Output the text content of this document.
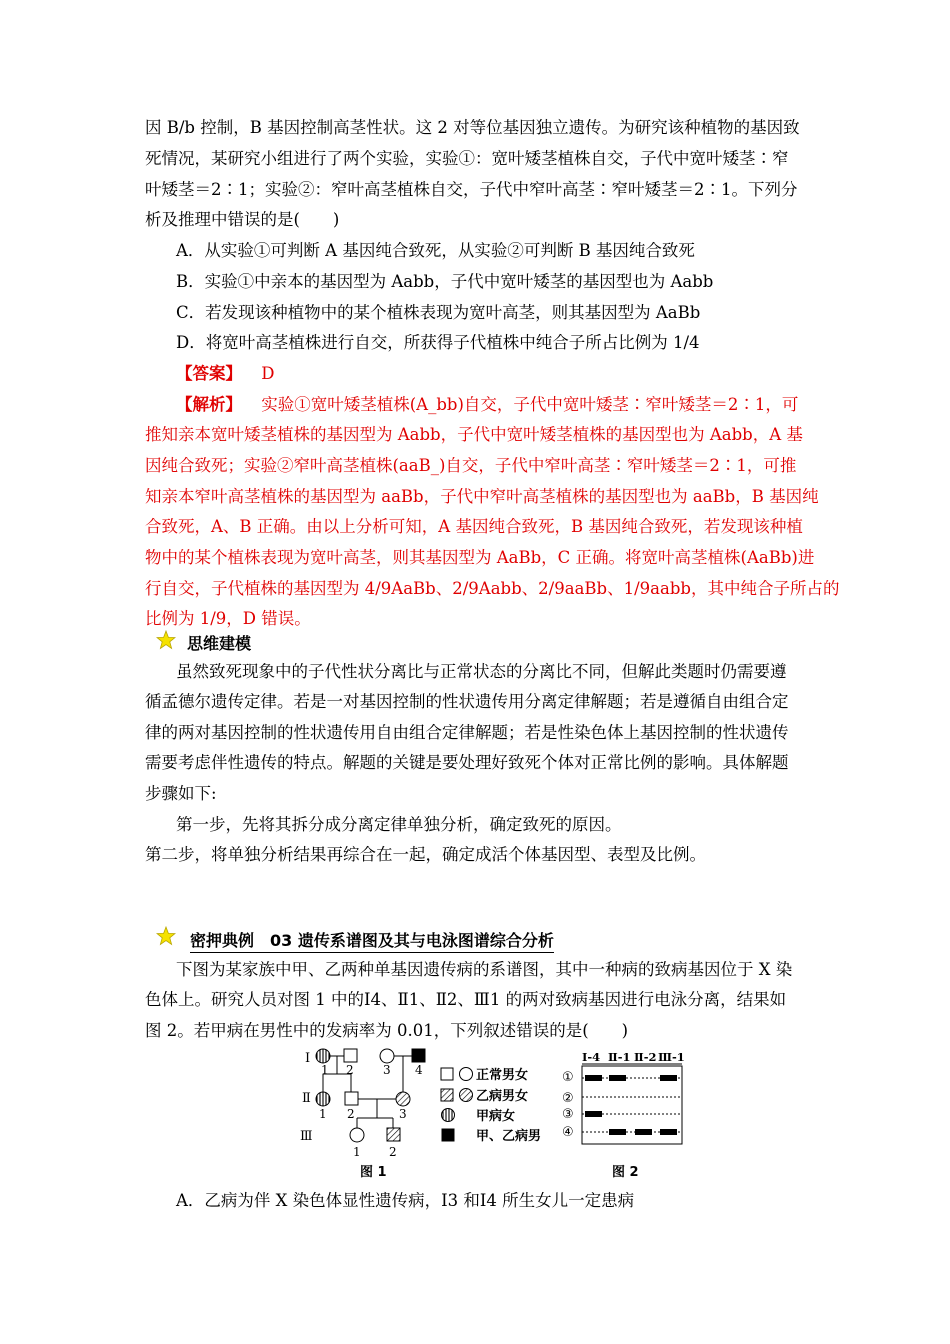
因 B/b 控制，B 基因控制高茎性状。这 2 对等位基因独立遗传。为研究该种植物的基因致
死情况，某研究小组进行了两个实验，实验①：宽叶矮茎植株自交，子代中宽叶矮茎∶窄
叶矮茎＝2∶1；实验②：窄叶高茎植株自交，子代中窄叶高茎∶窄叶矮茎＝2∶1。下列分
析及推理中错误的是(　　)
A．从实验①可判断 A 基因纯合致死，从实验②可判断 B 基因纯合致死
B．实验①中亲本的基因型为 Aabb，子代中宽叶矮茎的基因型也为 Aabb
C．若发现该种植物中的某个植株表现为宽叶高茎，则其基因型为 AaBb
D．将宽叶高茎植株进行自交，所获得子代植株中纯合子所占比例为 1/4
【答案】 D
【解析】 实验①宽叶矮茎植株(A_bb)自交，子代中宽叶矮茎∶窄叶矮茎＝2∶1，可
推知亲本宽叶矮茎植株的基因型为 Aabb，子代中宽叶矮茎植株的基因型也为 Aabb，A 基
因纯合致死；实验②窄叶高茎植株(aaB_)自交，子代中窄叶高茎∶窄叶矮茎＝2∶1，可推
知亲本窄叶高茎植株的基因型为 aaBb，子代中窄叶高茎植株的基因型也为 aaBb，B 基因纯
合致死，A、B 正确。由以上分析可知，A 基因纯合致死，B 基因纯合致死，若发现该种植
物中的某个植株表现为宽叶高茎，则其基因型为 AaBb，C 正确。将宽叶高茎植株(AaBb)进
行自交，子代植株的基因型为 4/9AaBb、2/9Aabb、2/9aaBb、1/9aabb，其中纯合子所占的
比例为 1/9，D 错误。
思维建模
虽然致死现象中的子代性状分离比与正常状态的分离比不同，但解此类题时仍需要遵
循孟德尔遗传定律。若是一对基因控制的性状遗传用分离定律解题；若是遵循自由组合定
律的两对基因控制的性状遗传用自由组合定律解题；若是性染色体上基因控制的性状遗传
需要考虑伴性遗传的特点。解题的关键是要处理好致死个体对正常比例的影响。具体解题
步骤如下:
第一步，先将其拆分成分离定律单独分析，确定致死的原因。
第二步，将单独分析结果再综合在一起，确定成活个体基因型、表型及比例。
密押典例　03 遗传系谱图及其与电泳图谱综合分析
下图为某家族中甲、乙两种单基因遗传病的系谱图，其中一种病的致病基因位于 X 染
色体上。研究人员对图 1 中的Ⅰ4、Ⅱ1、Ⅱ2、Ⅲ1 的两对致病基因进行电泳分离，结果如
图 2。若甲病在男性中的发病率为 0.01，下列叙述错误的是(　　)
Ⅰ
Ⅱ
Ⅲ
1 2 3 4
1 2	3
1 2
正常男女
乙病男女
甲病女
甲、乙病男
图 1
Ⅰ-4 Ⅱ-1 Ⅱ-2 Ⅲ-1
①
②
③
④
图 2
A．乙病为伴 X 染色体显性遗传病，Ⅰ3 和Ⅰ4 所生女儿一定患病
